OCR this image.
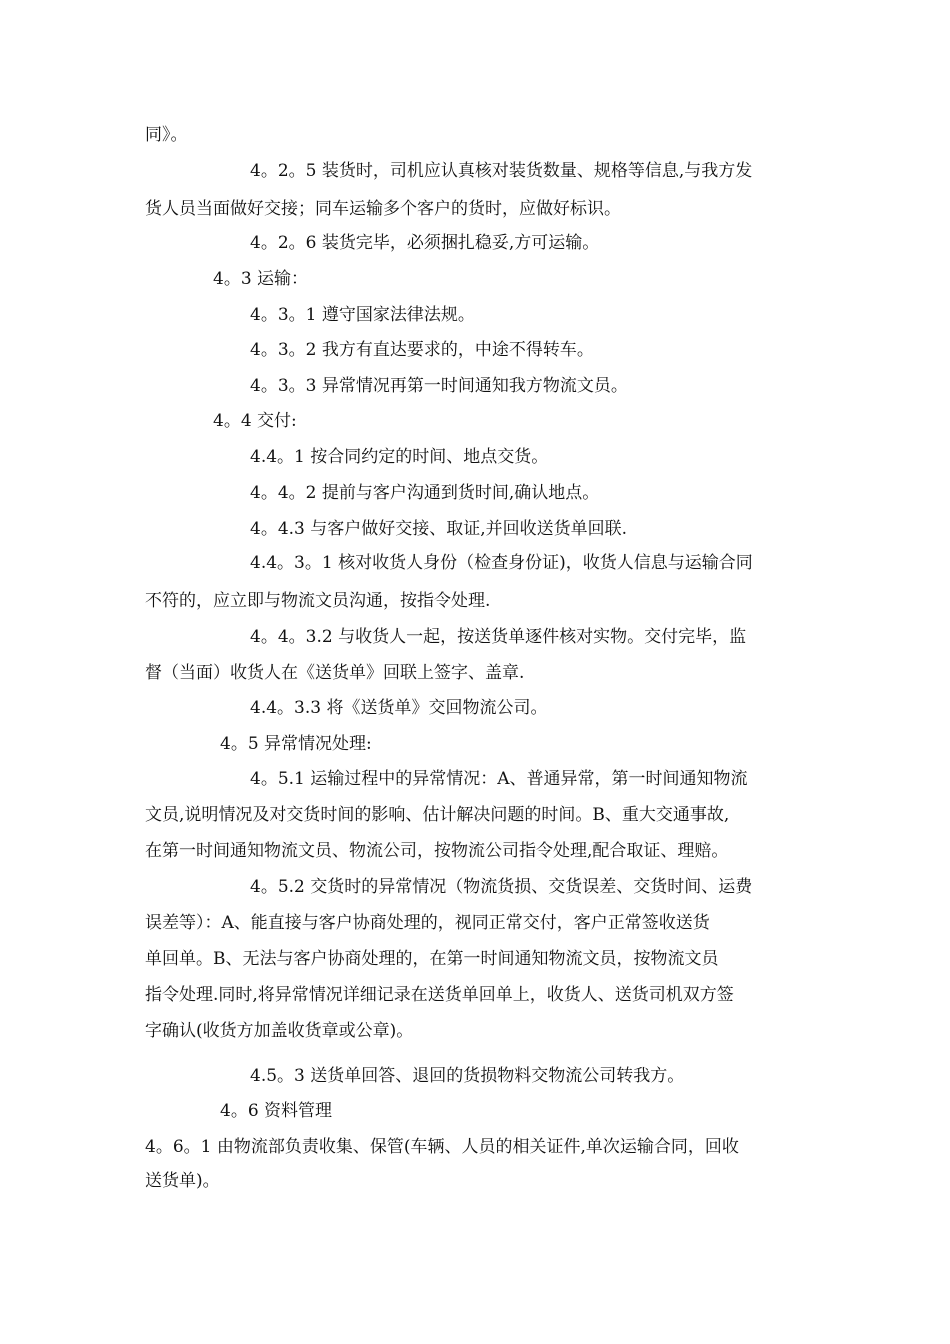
同》。
4。2。5 装货时，司机应认真核对装货数量、规格等信息,与我方发
货人员当面做好交接；同车运输多个客户的货时，应做好标识。
4。2。6 装货完毕，必须捆扎稳妥,方可运输。
4。3 运输：
4。3。1 遵守国家法律法规。
4。3。2 我方有直达要求的，中途不得转车。
4。3。3 异常情况再第一时间通知我方物流文员。
4。4 交付:
4.4。1 按合同约定的时间、地点交货。
4。4。2 提前与客户沟通到货时间,确认地点。
4。4.3 与客户做好交接、取证,并回收送货单回联.
4.4。3。1 核对收货人身份（检查身份证)，收货人信息与运输合同
不符的，应立即与物流文员沟通，按指令处理.
4。4。3.2 与收货人一起，按送货单逐件核对实物。交付完毕，监
督（当面）收货人在《送货单》回联上签字、盖章.
4.4。3.3 将《送货单》交回物流公司。
4。5 异常情况处理:
4。5.1 运输过程中的异常情况：A、普通异常，第一时间通知物流
文员,说明情况及对交货时间的影响、估计解决问题的时间。B、重大交通事故,
在第一时间通知物流文员、物流公司，按物流公司指令处理,配合取证、理赔。
4。5.2 交货时的异常情况（物流货损、交货误差、交货时间、运费
误差等）：A、能直接与客户协商处理的，视同正常交付，客户正常签收送货
单回单。B、无法与客户协商处理的，在第一时间通知物流文员，按物流文员
指令处理.同时,将异常情况详细记录在送货单回单上，收货人、送货司机双方签
字确认(收货方加盖收货章或公章)。
4.5。3 送货单回答、退回的货损物料交物流公司转我方。
4。6 资料管理
4。6。1 由物流部负责收集、保管(车辆、人员的相关证件,单次运输合同，回收
送货单)。
